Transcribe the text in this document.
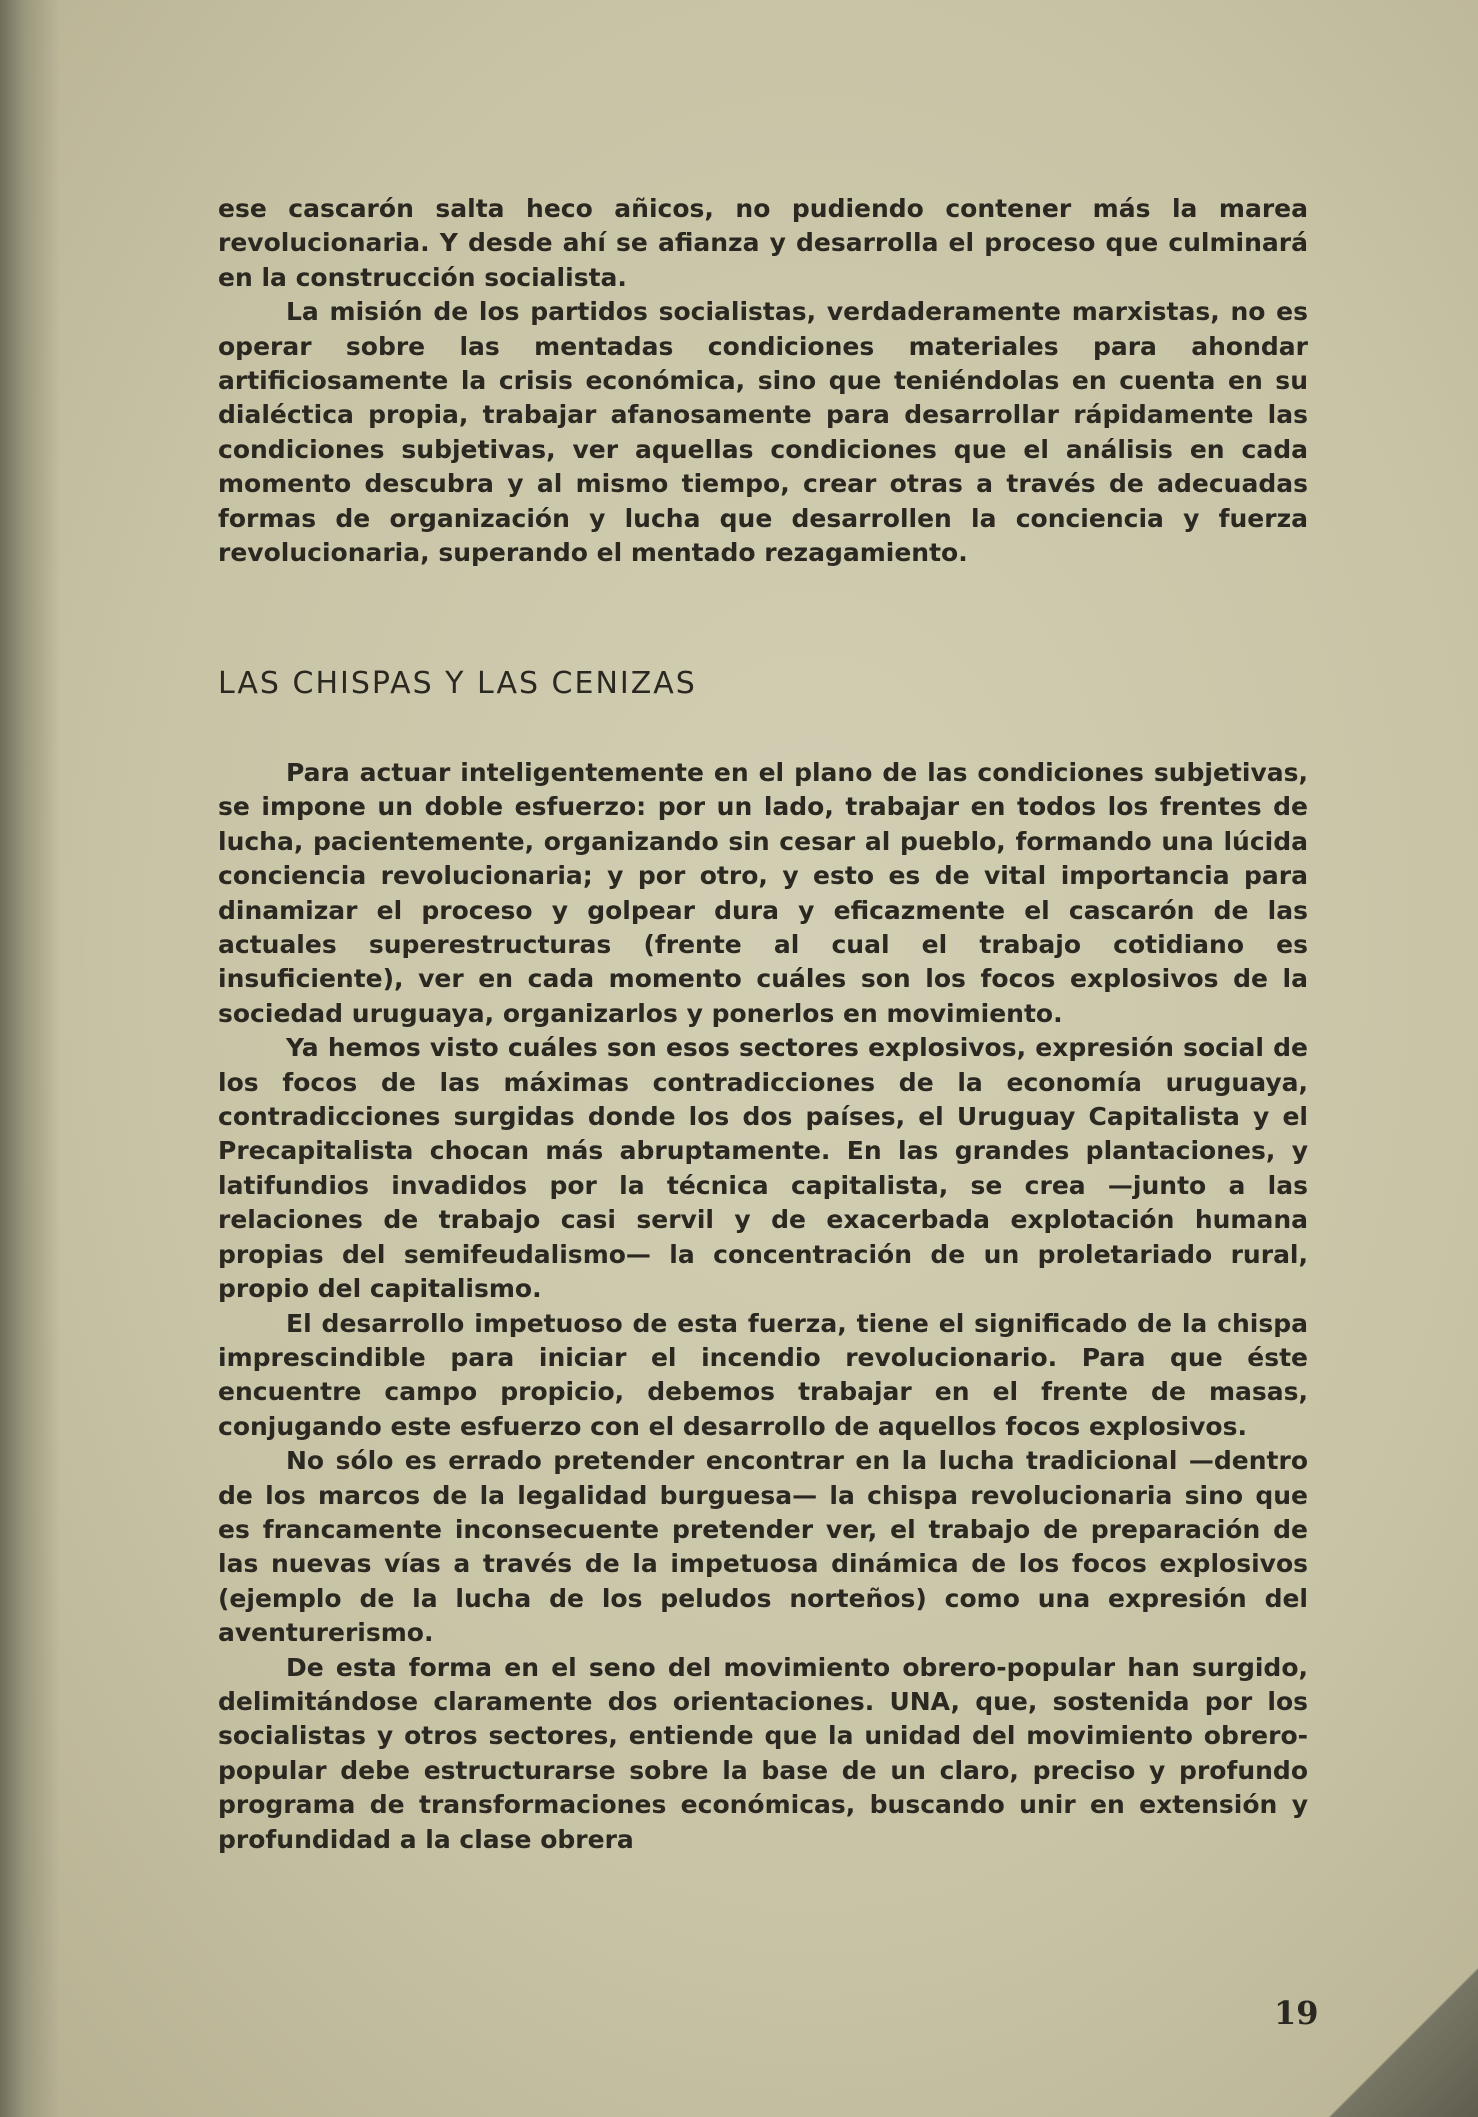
ese cascarón salta heco añicos, no pudiendo contener más la marea revolucionaria. Y desde ahí se afianza y desarrolla el proceso que culminará en la construcción socialista.

La misión de los partidos socialistas, verdaderamente marxistas, no es operar sobre las mentadas condiciones materiales para ahondar artificiosamente la crisis económica, sino que teniéndolas en cuenta en su dialéctica propia, trabajar afanosamente para desarrollar rápidamente las condiciones subjetivas, ver aquellas condiciones que el análisis en cada momento descubra y al mismo tiempo, crear otras a través de adecuadas formas de organización y lucha que desarrollen la conciencia y fuerza revolucionaria, superando el mentado rezagamiento.

LAS CHISPAS Y LAS CENIZAS

Para actuar inteligentemente en el plano de las condiciones subjetivas, se impone un doble esfuerzo: por un lado, trabajar en todos los frentes de lucha, pacientemente, organizando sin cesar al pueblo, formando una lúcida conciencia revolucionaria; y por otro, y esto es de vital importancia para dinamizar el proceso y golpear dura y eficazmente el cascarón de las actuales superestructuras (frente al cual el trabajo cotidiano es insuficiente), ver en cada momento cuáles son los focos explosivos de la sociedad uruguaya, organizarlos y ponerlos en movimiento.

Ya hemos visto cuáles son esos sectores explosivos, expresión social de los focos de las máximas contradicciones de la economía uruguaya, contradicciones surgidas donde los dos países, el Uruguay Capitalista y el Precapitalista chocan más abruptamente. En las grandes plantaciones, y latifundios invadidos por la técnica capitalista, se crea —junto a las relaciones de trabajo casi servil y de exacerbada explotación humana propias del semifeudalismo— la concentración de un proletariado rural, propio del capitalismo.

El desarrollo impetuoso de esta fuerza, tiene el significado de la chispa imprescindible para iniciar el incendio revolucionario. Para que éste encuentre campo propicio, debemos trabajar en el frente de masas, conjugando este esfuerzo con el desarrollo de aquellos focos explosivos.

No sólo es errado pretender encontrar en la lucha tradicional —dentro de los marcos de la legalidad burguesa— la chispa revolucionaria sino que es francamente inconsecuente pretender ver, el trabajo de preparación de las nuevas vías a través de la impetuosa dinámica de los focos explosivos (ejemplo de la lucha de los peludos norteños) como una expresión del aventurerismo.

De esta forma en el seno del movimiento obrero-popular han surgido, delimitándose claramente dos orientaciones. UNA, que, sostenida por los socialistas y otros sectores, entiende que la unidad del movimiento obrero-popular debe estructurarse sobre la base de un claro, preciso y profundo programa de transformaciones económicas, buscando unir en extensión y profundidad a la clase obrera

19
